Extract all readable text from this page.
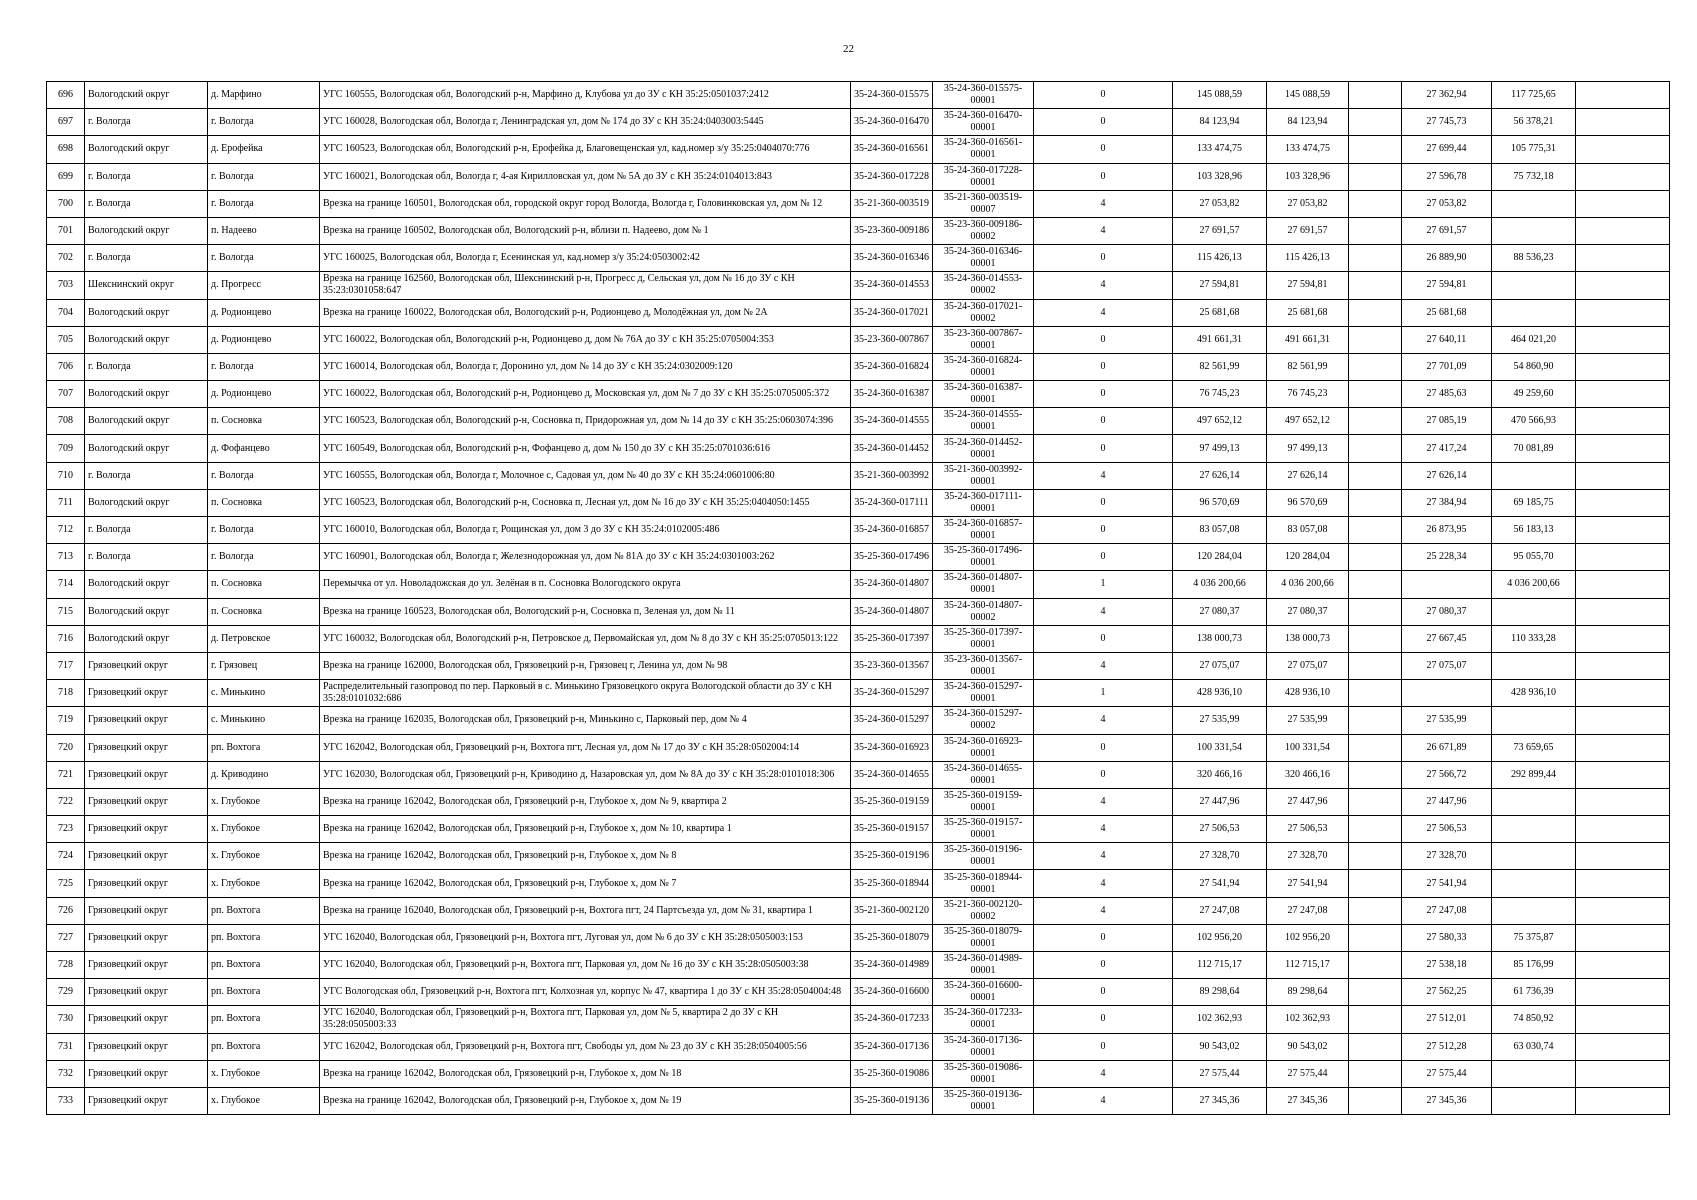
22
696	Вологодский округ	д. Марфино	УГС 160555, Вологодская обл, Вологодский р-н, Марфино д, Клубова ул до ЗУ с КН 35:25:0501037:2412	35-24-360-015575	35-24-360-015575-00001	0	145 088,59	145 088,59		27 362,94	117 725,65	
697	г. Вологда	г. Вологда	УГС 160028, Вологодская обл, Вологда г, Ленинградская ул, дом № 174 до ЗУ с КН 35:24:0403003:5445	35-24-360-016470	35-24-360-016470-00001	0	84 123,94	84 123,94		27 745,73	56 378,21	
698	Вологодский округ	д. Ерофейка	УГС 160523, Вологодская обл, Вологодский р-н, Ерофейка д, Благовещенская ул, кад.номер з/у 35:25:0404070:776	35-24-360-016561	35-24-360-016561-00001	0	133 474,75	133 474,75		27 699,44	105 775,31	
699	г. Вологда	г. Вологда	УГС 160021, Вологодская обл, Вологда г, 4-ая Кирилловская ул, дом № 5А до ЗУ с КН 35:24:0104013:843	35-24-360-017228	35-24-360-017228-00001	0	103 328,96	103 328,96		27 596,78	75 732,18	
700	г. Вологда	г. Вологда	Врезка на границе 160501, Вологодская обл, городской округ город Вологда, Вологда г, Головинковская ул, дом № 12	35-21-360-003519	35-21-360-003519-00007	4	27 053,82	27 053,82		27 053,82		
701	Вологодский округ	п. Надеево	Врезка на границе 160502, Вологодская обл, Вологодский р-н, вблизи п. Надеево, дом № 1	35-23-360-009186	35-23-360-009186-00002	4	27 691,57	27 691,57		27 691,57		
702	г. Вологда	г. Вологда	УГС 160025, Вологодская обл, Вологда г, Есенинская ул, кад.номер з/у 35:24:0503002:42	35-24-360-016346	35-24-360-016346-00001	0	115 426,13	115 426,13		26 889,90	88 536,23	
703	Шекснинский округ	д. Прогресс	Врезка на границе 162560, Вологодская обл, Шекснинский р-н, Прогресс д, Сельская ул, дом № 16 до ЗУ с КН 35:23:0301058:647	35-24-360-014553	35-24-360-014553-00002	4	27 594,81	27 594,81		27 594,81		
704	Вологодский округ	д. Родионцево	Врезка на границе 160022, Вологодская обл, Вологодский р-н, Родионцево д, Молодёжная ул, дом № 2А	35-24-360-017021	35-24-360-017021-00002	4	25 681,68	25 681,68		25 681,68		
705	Вологодский округ	д. Родионцево	УГС 160022, Вологодская обл, Вологодский р-н, Родионцево д, дом № 76А до ЗУ с КН 35:25:0705004:353	35-23-360-007867	35-23-360-007867-00001	0	491 661,31	491 661,31		27 640,11	464 021,20	
706	г. Вологда	г. Вологда	УГС 160014, Вологодская обл, Вологда г, Доронино ул, дом № 14 до ЗУ с КН 35:24:0302009:120	35-24-360-016824	35-24-360-016824-00001	0	82 561,99	82 561,99		27 701,09	54 860,90	
707	Вологодский округ	д. Родионцево	УГС 160022, Вологодская обл, Вологодский р-н, Родионцево д, Московская ул, дом № 7 до ЗУ с КН 35:25:0705005:372	35-24-360-016387	35-24-360-016387-00001	0	76 745,23	76 745,23		27 485,63	49 259,60	
708	Вологодский округ	п. Сосновка	УГС 160523, Вологодская обл, Вологодский р-н, Сосновка п, Придорожная ул, дом № 14 до ЗУ с КН 35:25:0603074:396	35-24-360-014555	35-24-360-014555-00001	0	497 652,12	497 652,12		27 085,19	470 566,93	
709	Вологодский округ	д. Фофанцево	УГС 160549, Вологодская обл, Вологодский р-н, Фофанцево д, дом № 150 до ЗУ с КН 35:25:0701036:616	35-24-360-014452	35-24-360-014452-00001	0	97 499,13	97 499,13		27 417,24	70 081,89	
710	г. Вологда	г. Вологда	УГС 160555, Вологодская обл, Вологда г, Молочное с, Садовая ул, дом № 40 до ЗУ с КН 35:24:0601006:80	35-21-360-003992	35-21-360-003992-00001	4	27 626,14	27 626,14		27 626,14		
711	Вологодский округ	п. Сосновка	УГС 160523, Вологодская обл, Вологодский р-н, Сосновка п, Лесная ул, дом № 16 до ЗУ с КН 35:25:0404050:1455	35-24-360-017111	35-24-360-017111-00001	0	96 570,69	96 570,69		27 384,94	69 185,75	
712	г. Вологда	г. Вологда	УГС 160010, Вологодская обл, Вологда г, Рощинская ул, дом 3 до ЗУ с КН 35:24:0102005:486	35-24-360-016857	35-24-360-016857-00001	0	83 057,08	83 057,08		26 873,95	56 183,13	
713	г. Вологда	г. Вологда	УГС 160901, Вологодская обл, Вологда г, Железнодорожная ул, дом № 81А до ЗУ с КН 35:24:0301003:262	35-25-360-017496	35-25-360-017496-00001	0	120 284,04	120 284,04		25 228,34	95 055,70	
714	Вологодский округ	п. Сосновка	Перемычка от ул. Новоладожская до ул. Зелёная в п. Сосновка Вологодского округа	35-24-360-014807	35-24-360-014807-00001	1	4 036 200,66	4 036 200,66			4 036 200,66	
715	Вологодский округ	п. Сосновка	Врезка на границе 160523, Вологодская обл, Вологодский р-н, Сосновка п, Зеленая ул, дом № 11	35-24-360-014807	35-24-360-014807-00002	4	27 080,37	27 080,37		27 080,37		
716	Вологодский округ	д. Петровское	УГС 160032, Вологодская обл, Вологодский р-н, Петровское д, Первомайская ул, дом № 8 до ЗУ с КН 35:25:0705013:122	35-25-360-017397	35-25-360-017397-00001	0	138 000,73	138 000,73		27 667,45	110 333,28	
717	Грязовецкий округ	г. Грязовец	Врезка на границе 162000, Вологодская обл, Грязовецкий р-н, Грязовец г, Ленина ул, дом № 98	35-23-360-013567	35-23-360-013567-00001	4	27 075,07	27 075,07		27 075,07		
718	Грязовецкий округ	с. Минькино	Распределительный газопровод по пер. Парковый в с. Минькино Грязовецкого округа Вологодской области до ЗУ с КН 35:28:0101032:686	35-24-360-015297	35-24-360-015297-00001	1	428 936,10	428 936,10			428 936,10	
719	Грязовецкий округ	с. Минькино	Врезка на границе 162035, Вологодская обл, Грязовецкий р-н, Минькино с, Парковый пер, дом № 4	35-24-360-015297	35-24-360-015297-00002	4	27 535,99	27 535,99		27 535,99		
720	Грязовецкий округ	рп. Вохтога	УГС 162042, Вологодская обл, Грязовецкий р-н, Вохтога пгт, Лесная ул, дом № 17 до ЗУ с КН 35:28:0502004:14	35-24-360-016923	35-24-360-016923-00001	0	100 331,54	100 331,54		26 671,89	73 659,65	
721	Грязовецкий округ	д. Криводино	УГС 162030, Вологодская обл, Грязовецкий р-н, Криводино д, Назаровская ул, дом № 8А до ЗУ с КН 35:28:0101018:306	35-24-360-014655	35-24-360-014655-00001	0	320 466,16	320 466,16		27 566,72	292 899,44	
722	Грязовецкий округ	х. Глубокое	Врезка на границе 162042, Вологодская обл, Грязовецкий р-н, Глубокое х, дом № 9, квартира 2	35-25-360-019159	35-25-360-019159-00001	4	27 447,96	27 447,96		27 447,96		
723	Грязовецкий округ	х. Глубокое	Врезка на границе 162042, Вологодская обл, Грязовецкий р-н, Глубокое х, дом № 10, квартира 1	35-25-360-019157	35-25-360-019157-00001	4	27 506,53	27 506,53		27 506,53		
724	Грязовецкий округ	х. Глубокое	Врезка на границе 162042, Вологодская обл, Грязовецкий р-н, Глубокое х, дом № 8	35-25-360-019196	35-25-360-019196-00001	4	27 328,70	27 328,70		27 328,70		
725	Грязовецкий округ	х. Глубокое	Врезка на границе 162042, Вологодская обл, Грязовецкий р-н, Глубокое х, дом № 7	35-25-360-018944	35-25-360-018944-00001	4	27 541,94	27 541,94		27 541,94		
726	Грязовецкий округ	рп. Вохтога	Врезка на границе 162040, Вологодская обл, Грязовецкий р-н, Вохтога пгт, 24 Партсъезда ул, дом № 31, квартира 1	35-21-360-002120	35-21-360-002120-00002	4	27 247,08	27 247,08		27 247,08		
727	Грязовецкий округ	рп. Вохтога	УГС 162040, Вологодская обл, Грязовецкий р-н, Вохтога пгт, Луговая ул, дом № 6 до ЗУ с КН 35:28:0505003:153	35-25-360-018079	35-25-360-018079-00001	0	102 956,20	102 956,20		27 580,33	75 375,87	
728	Грязовецкий округ	рп. Вохтога	УГС 162040, Вологодская обл, Грязовецкий р-н, Вохтога пгт, Парковая ул, дом № 16 до ЗУ с КН 35:28:0505003:38	35-24-360-014989	35-24-360-014989-00001	0	112 715,17	112 715,17		27 538,18	85 176,99	
729	Грязовецкий округ	рп. Вохтога	УГС Вологодская обл, Грязовецкий р-н, Вохтога пгт, Колхозная ул, корпус № 47, квартира 1 до ЗУ с КН 35:28:0504004:48	35-24-360-016600	35-24-360-016600-00001	0	89 298,64	89 298,64		27 562,25	61 736,39	
730	Грязовецкий округ	рп. Вохтога	УГС 162040, Вологодская обл, Грязовецкий р-н, Вохтога пгт, Парковая ул, дом № 5, квартира 2 до ЗУ с КН 35:28:0505003:33	35-24-360-017233	35-24-360-017233-00001	0	102 362,93	102 362,93		27 512,01	74 850,92	
731	Грязовецкий округ	рп. Вохтога	УГС 162042, Вологодская обл, Грязовецкий р-н, Вохтога пгт, Свободы ул, дом № 23 до ЗУ с КН 35:28:0504005:56	35-24-360-017136	35-24-360-017136-00001	0	90 543,02	90 543,02		27 512,28	63 030,74	
732	Грязовецкий округ	х. Глубокое	Врезка на границе 162042, Вологодская обл, Грязовецкий р-н, Глубокое х, дом № 18	35-25-360-019086	35-25-360-019086-00001	4	27 575,44	27 575,44		27 575,44		
733	Грязовецкий округ	х. Глубокое	Врезка на границе 162042, Вологодская обл, Грязовецкий р-н, Глубокое х, дом № 19	35-25-360-019136	35-25-360-019136-00001	4	27 345,36	27 345,36		27 345,36		
